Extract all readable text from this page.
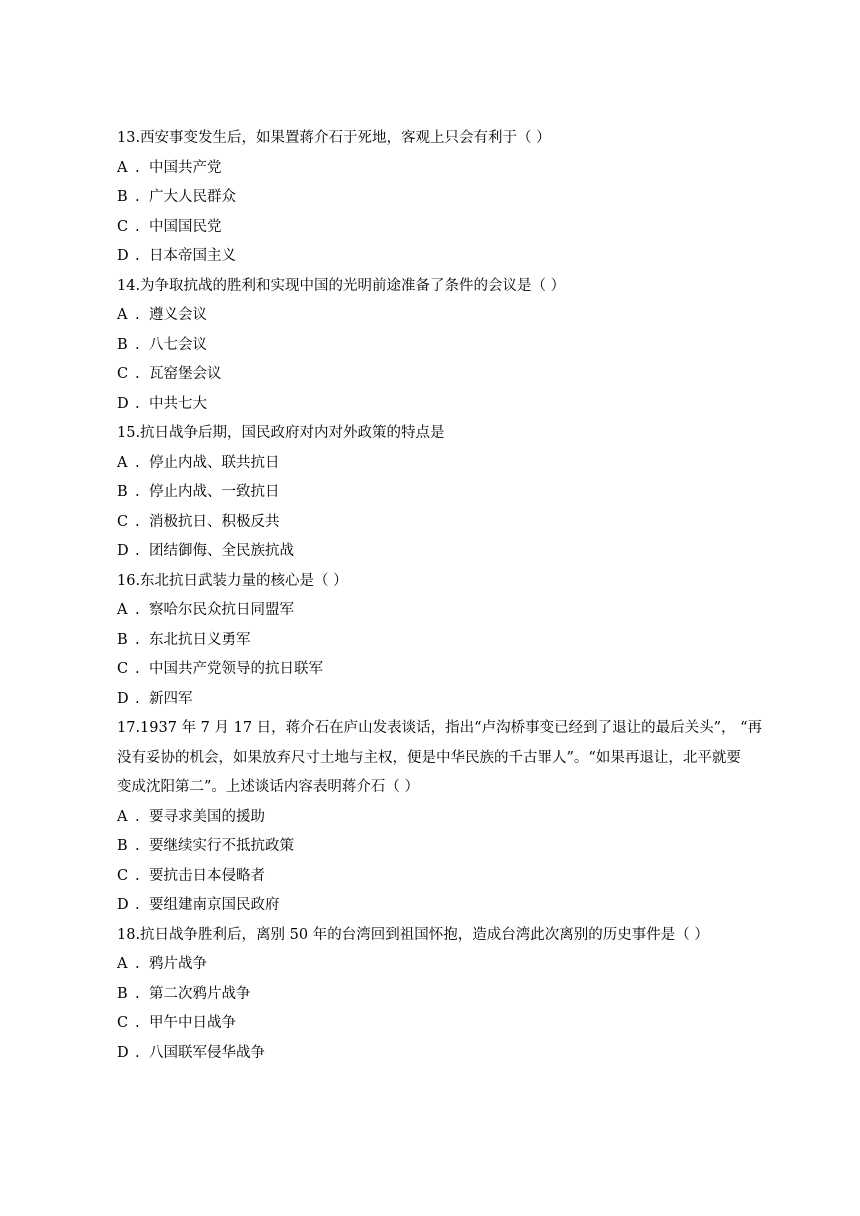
13.西安事变发生后，如果置蒋介石于死地，客观上只会有利于（ ）
A . 中国共产党
B . 广大人民群众
C . 中国国民党
D . 日本帝国主义
14.为争取抗战的胜利和实现中国的光明前途准备了条件的会议是（ ）
A . 遵义会议
B . 八七会议
C . 瓦窑堡会议
D . 中共七大
15.抗日战争后期，国民政府对内对外政策的特点是
A . 停止内战、联共抗日
B . 停止内战、一致抗日
C . 消极抗日、积极反共
D . 团结御侮、全民族抗战
16.东北抗日武装力量的核心是（ ）
A . 察哈尔民众抗日同盟军
B . 东北抗日义勇军
C . 中国共产党领导的抗日联军
D . 新四军
17.1937 年 7 月 17 日，蒋介石在庐山发表谈话，指出“卢沟桥事变已经到了退让的最后关头”， “再
没有妥协的机会，如果放弃尺寸土地与主权，便是中华民族的千古罪人”。“如果再退让，北平就要
变成沈阳第二”。上述谈话内容表明蒋介石（ ）
A . 要寻求美国的援助
B . 要继续实行不抵抗政策
C . 要抗击日本侵略者
D . 要组建南京国民政府
18.抗日战争胜利后，离别 50 年的台湾回到祖国怀抱，造成台湾此次离别的历史事件是（ ）
A . 鸦片战争
B . 第二次鸦片战争
C . 甲午中日战争
D . 八国联军侵华战争
